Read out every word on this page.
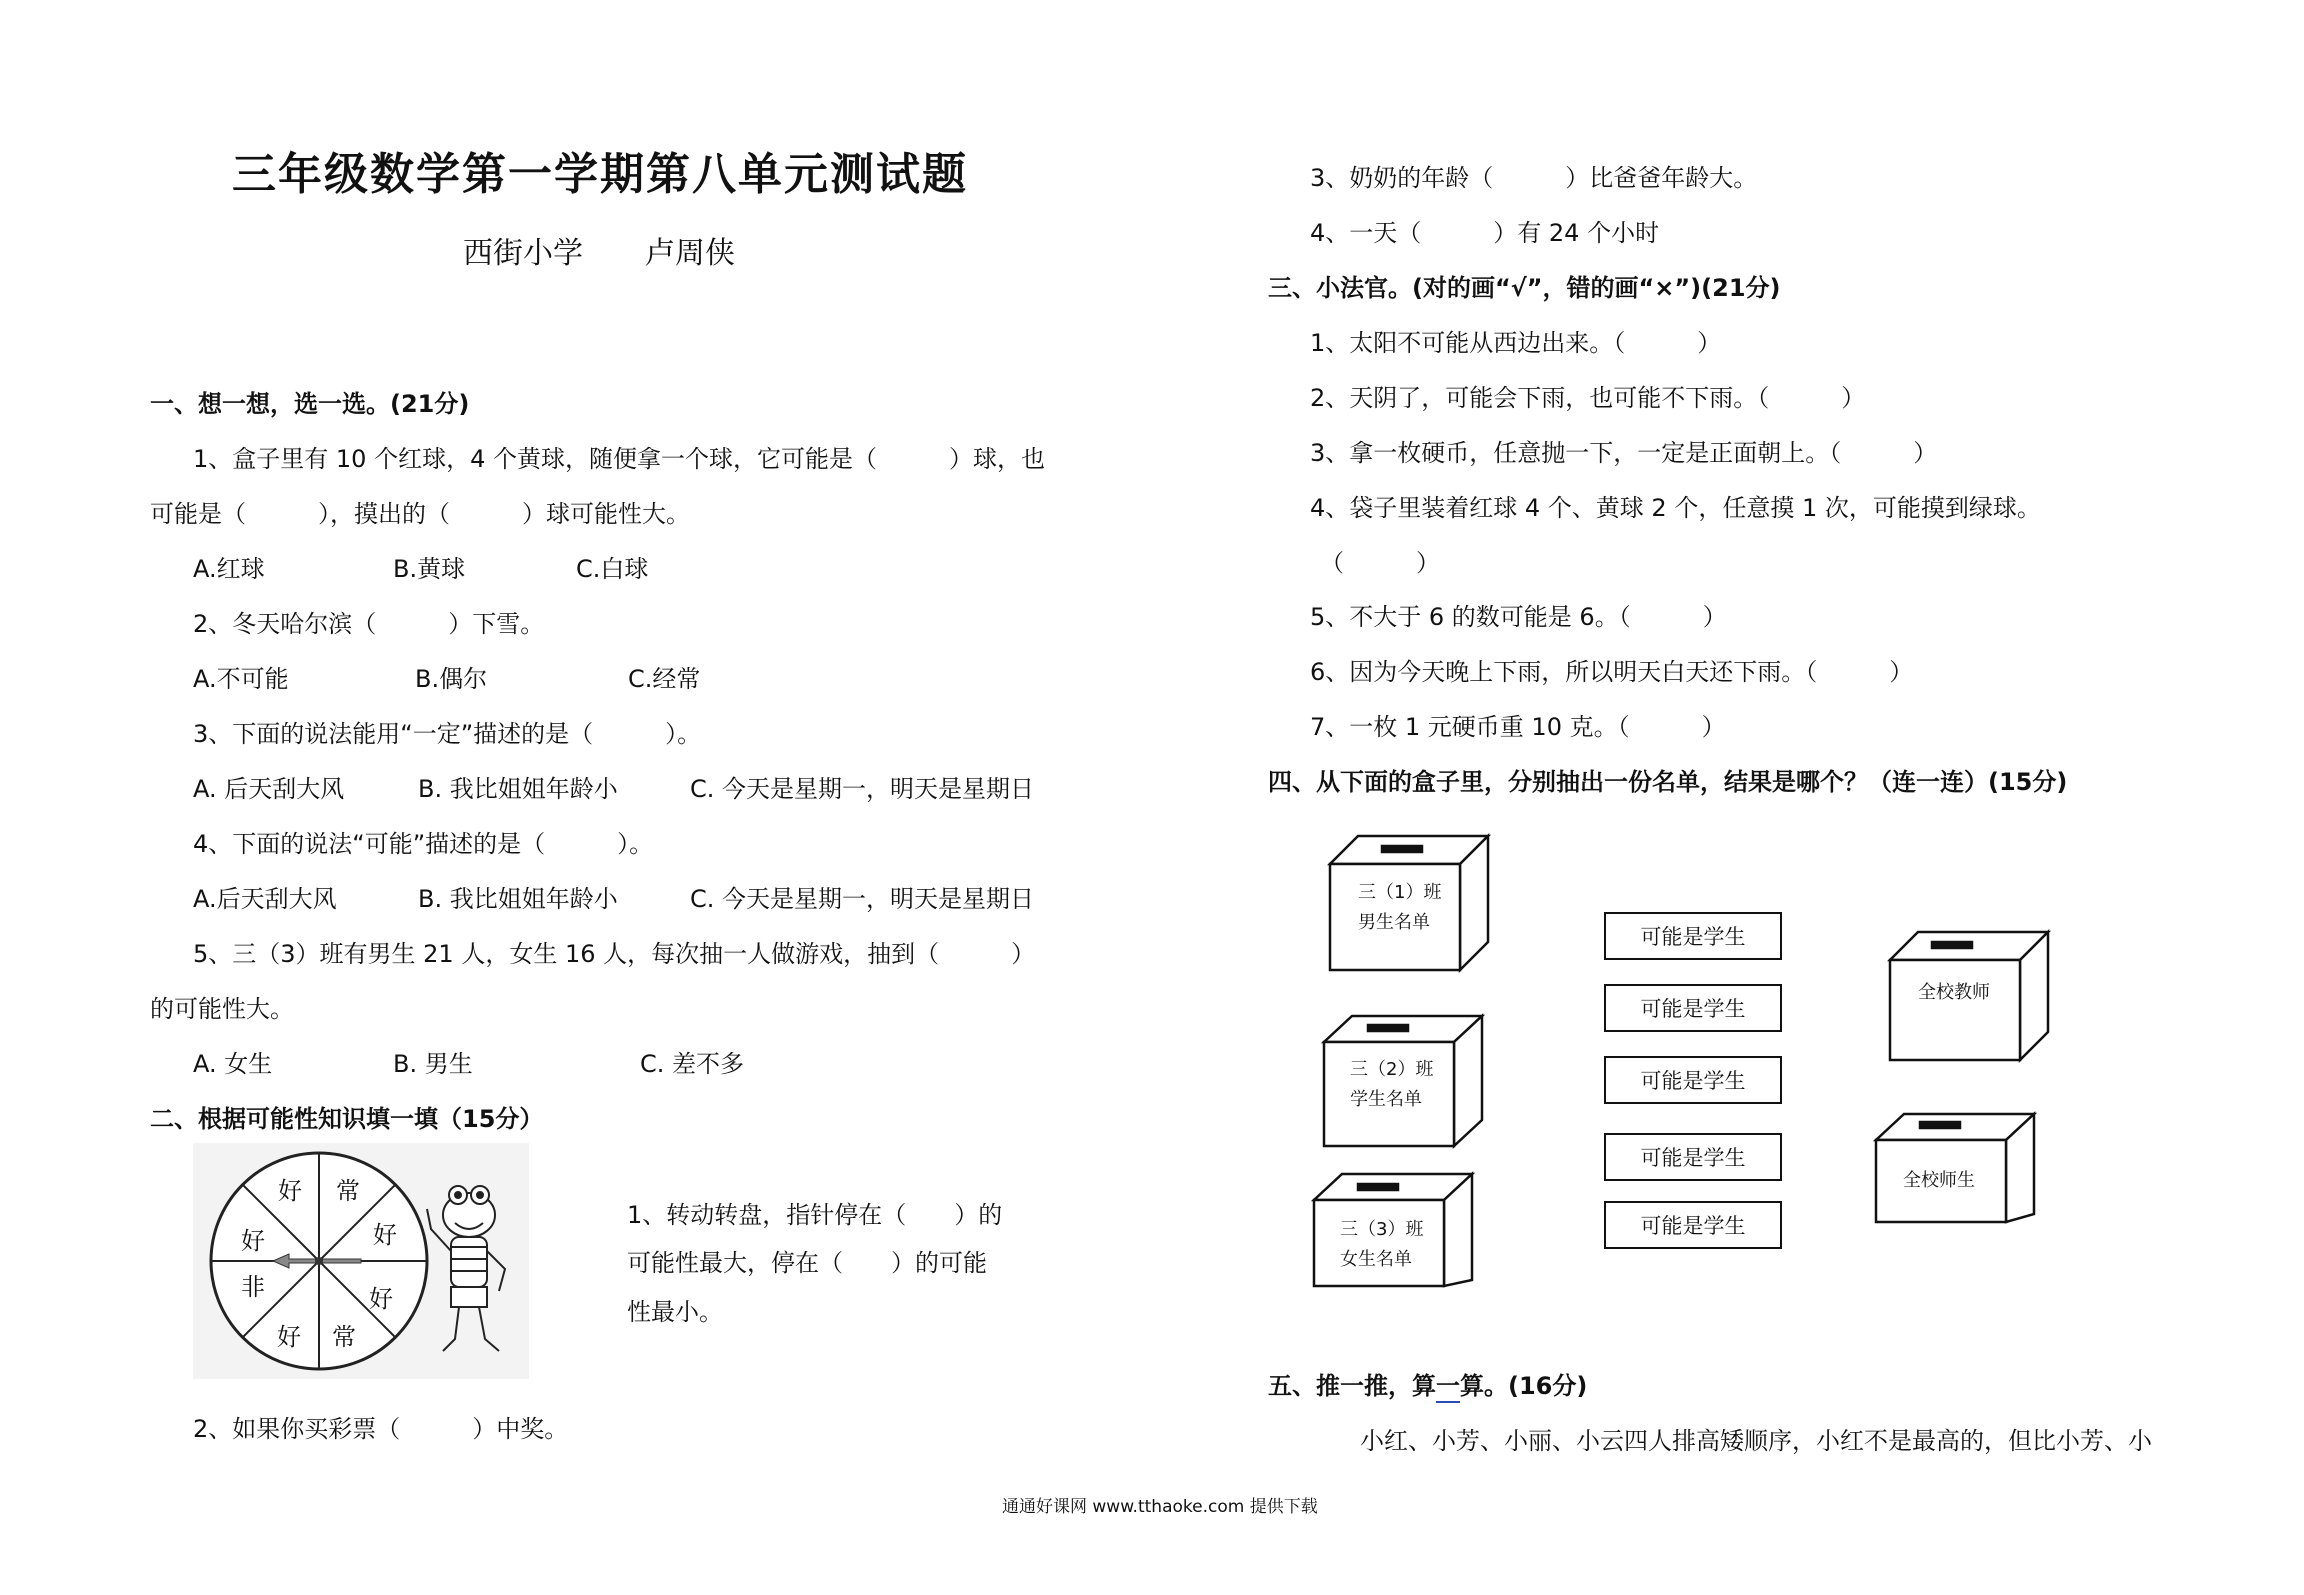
三年级数学第一学期第八单元测试题
西街小学 卢周侠
一、想一想，选一选。(21分)
1、盒子里有 10 个红球，4 个黄球，随便拿一个球，它可能是（　　　）球，也
可能是（　　　），摸出的（　　　）球可能性大。
A.红球	B.黄球	C.白球
2、冬天哈尔滨（　　　）下雪。
A.不可能	B.偶尔	C.经常
3、下面的说法能用“一定”描述的是（　　　）。
A. 后天刮大风	B. 我比姐姐年龄小	C. 今天是星期一，明天是星期日
4、下面的说法“可能”描述的是（　　　）。
A.后天刮大风	B. 我比姐姐年龄小	C. 今天是星期一，明天是星期日
5、三（3）班有男生 21 人，女生 16 人，每次抽一人做游戏，抽到（　　　）
的可能性大。
A. 女生	B. 男生	C. 差不多
二、根据可能性知识填一填（15分）
好 常
好
好
常
好
非
好
1、转动转盘，指针停在（　　）的
可能性最大，停在（　　）的可能
性最小。
2、如果你买彩票（　　　）中奖。
3、奶奶的年龄（　　　）比爸爸年龄大。
4、一天（　　　）有 24 个小时
三、小法官。(对的画“√”，错的画“×”)(21分)
1、太阳不可能从西边出来。（　　　）
2、天阴了，可能会下雨，也可能不下雨。（　　　）
3、拿一枚硬币，任意抛一下，一定是正面朝上。（　　　）
4、袋子里装着红球 4 个、黄球 2 个，任意摸 1 次，可能摸到绿球。
（　　　）
5、不大于 6 的数可能是 6。（　　　）
6、因为今天晚上下雨，所以明天白天还下雨。（　　　）
7、一枚 1 元硬币重 10 克。（　　　）
四、从下面的盒子里，分别抽出一份名单，结果是哪个？（连一连）(15分)
三（1）班
男生名单
三（2）班
学生名单
三（3）班
女生名单
全校教师
全校师生
可能是学生
可能是学生
可能是学生
可能是学生
可能是学生
五、推一推，算一算。(16分)
小红、小芳、小丽、小云四人排高矮顺序，小红不是最高的，但比小芳、小
通通好课网 www.tthaoke.com 提供下载
